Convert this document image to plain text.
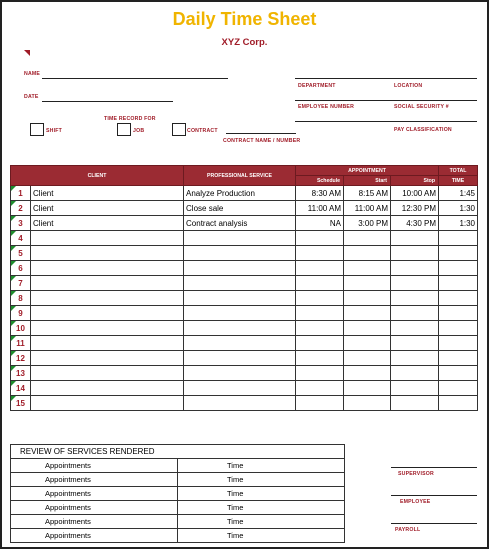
Daily Time Sheet
XYZ Corp.
NAME
DATE
DEPARTMENT	LOCATION
EMPLOYEE NUMBER	SOCIAL SECURITY #
PAY CLASSIFICATION
TIME RECORD FOR
SHIFT	JOB	CONTRACT
CONTRACT NAME / NUMBER
CLIENT		PROFESSIONAL SERVICE	APPOINTMENT			TOTAL
			Schedule	Start	Stop	TIME

1	Client	Analyze Production	8:30 AM	8:15 AM	10:00 AM	1:45

2	Client	Close sale	11:00 AM	11:00 AM	12:30 PM	1:30

3	Client	Contract analysis	NA	3:00 PM	4:30 PM	1:30

4						

5						

6						

7						

8						

9						

10						

11						

12						

13						

14						

15						
REVIEW OF SERVICES RENDERED	
Appointments	Time
Appointments	Time
Appointments	Time
Appointments	Time
Appointments	Time
Appointments	Time
SUPERVISOR
EMPLOYEE
PAYROLL
